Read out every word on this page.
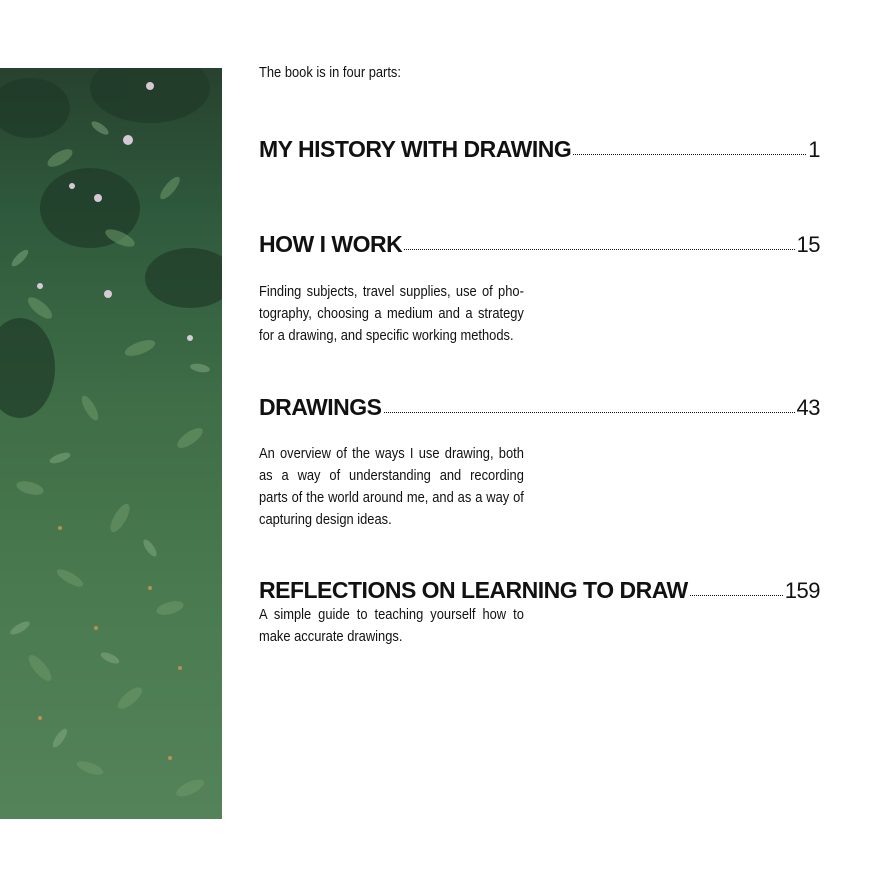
The book is in four parts:

MY HISTORY WITH DRAWING	1
HOW I WORK	15

Finding subjects, travel supplies, use of pho-tography, choosing a medium and a strategy for a drawing, and specific working methods.

DRAWINGS	43

An overview of the ways I use drawing, both as a way of understanding and recording parts of the world around me, and as a way of capturing design ideas.

REFLECTIONS ON LEARNING TO DRAW	159

A simple guide to teaching yourself how to make accurate drawings.
